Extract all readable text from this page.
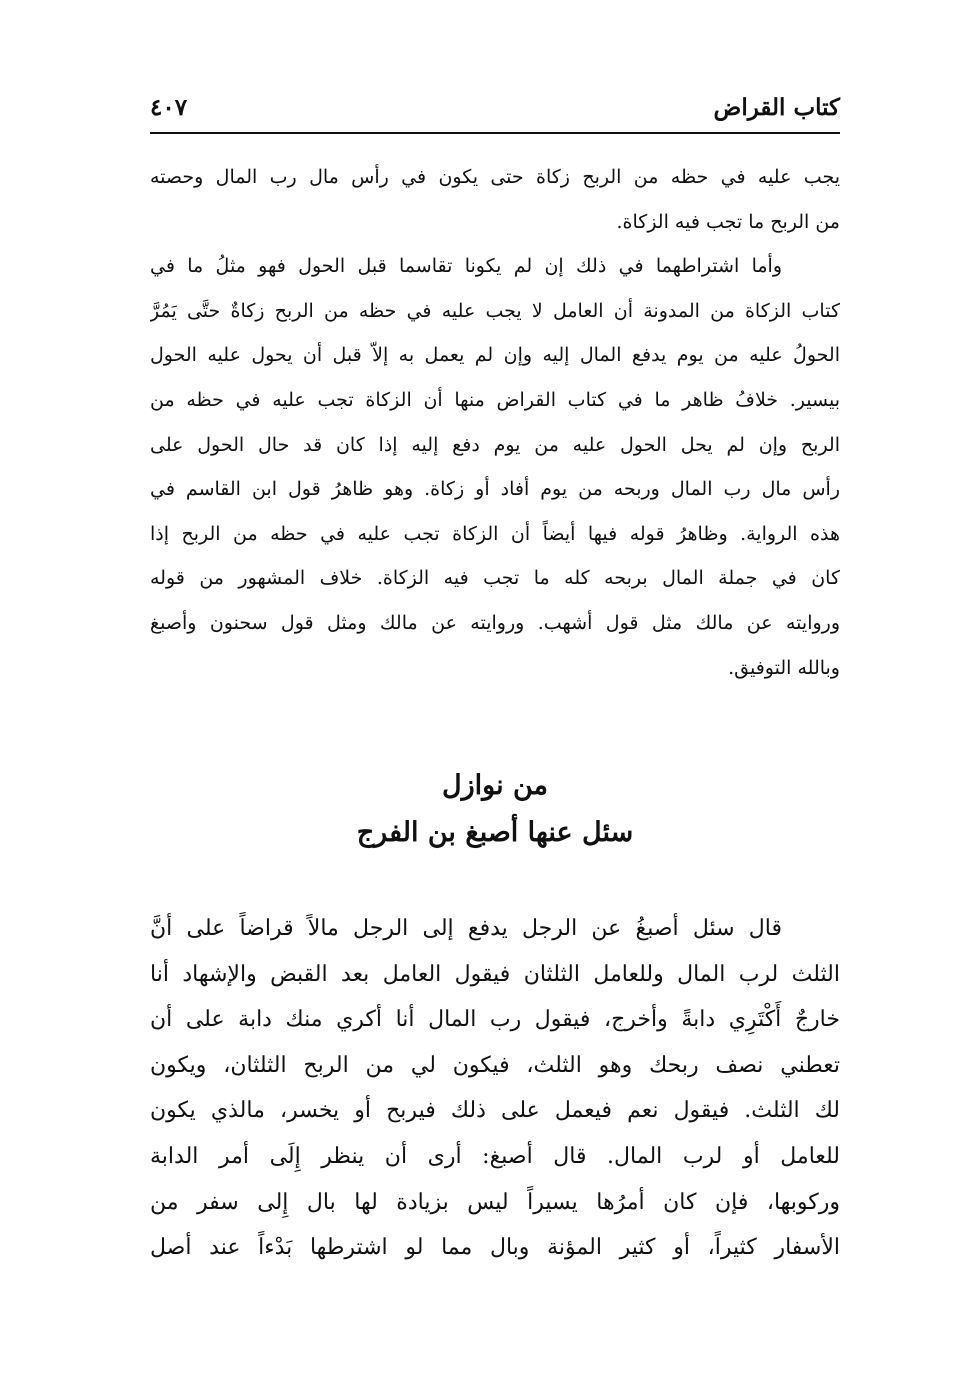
كتاب القراض
٤٠٧
يجب عليه في حظه من الربح زكاة حتى يكون في رأس مال رب المال وحصته
من الربح ما تجب فيه الزكاة.
وأما اشتراطهما في ذلك إن لم يكونا تقاسما قبل الحول فهو مثلُ ما في
كتاب الزكاة من المدونة أن العامل لا يجب عليه في حظه من الربح زكاةٌ حتَّى يَمُرَّ
الحولُ عليه من يوم يدفع المال إليه وإن لم يعمل به إلاّ قبل أن يحول عليه الحول
بيسير. خلافُ ظاهر ما في كتاب القراض منها أن الزكاة تجب عليه في حظه من
الربح وإن لم يحل الحول عليه من يوم دفع إليه إذا كان قد حال الحول على
رأس مال رب المال وربحه من يوم أفاد أو زكاة. وهو ظاهرُ قول ابن القاسم في
هذه الرواية. وظاهرُ قوله فيها أيضاً أن الزكاة تجب عليه في حظه من الربح إذا
كان في جملة المال بربحه كله ما تجب فيه الزكاة. خلاف المشهور من قوله
وروايته عن مالك مثل قول أشهب. وروايته عن مالك ومثل قول سحنون وأصبغ
وبالله التوفيق.
من نوازل
سئل عنها أصبغ بن الفرج
قال سئل أصبغُ عن الرجل يدفع إلى الرجل مالاً قراضاً على أنَّ
الثلث لرب المال وللعامل الثلثان فيقول العامل بعد القبض والإشهاد أنا
خارجٌ أَكْتَرِي دابةً وأخرج، فيقول رب المال أنا أكري منك دابة على أن
تعطني نصف ربحك وهو الثلث، فيكون لي من الربح الثلثان، ويكون
لك الثلث. فيقول نعم فيعمل على ذلك فيربح أو يخسر، مالذي يكون
للعامل أو لرب المال. قال أصبغ: أرى أن ينظر إِلَى أمر الدابة
وركوبها، فإن كان أمرُها يسيراً ليس بزيادة لها بال إِلى سفر من
الأسفار كثيراً، أو كثير المؤنة وبال مما لو اشترطها بَدْءاً عند أصل
